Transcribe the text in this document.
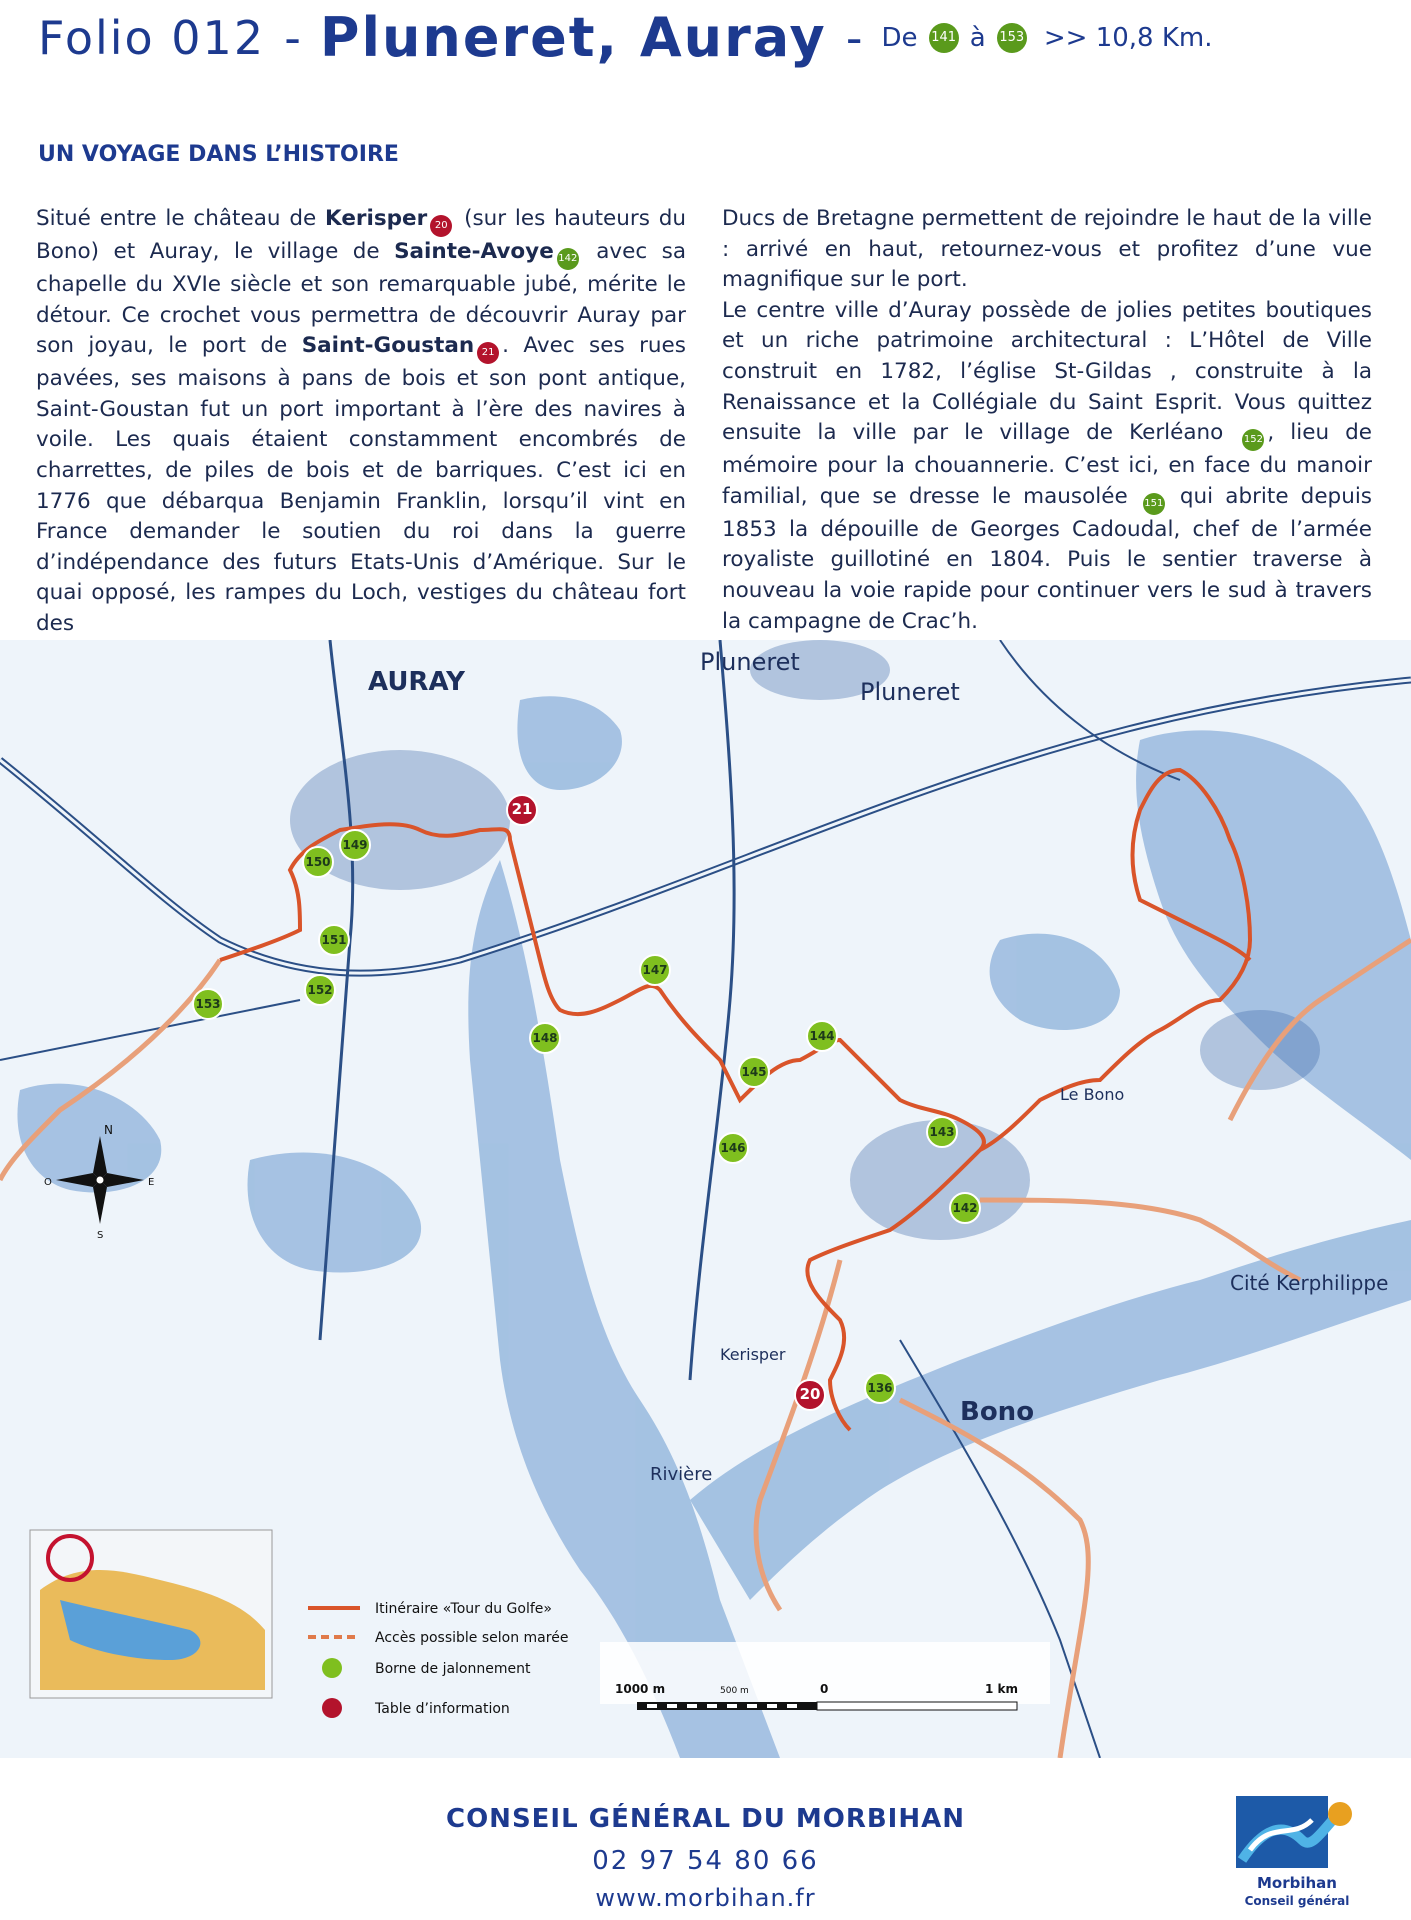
Folio 012 - Pluneret, Auray - De 141 à 153 >> 10,8 Km.
UN VOYAGE DANS L’HISTOIRE
Situé entre le château de Kerisper 20 (sur les hauteurs du Bono) et Auray, le village de Sainte-Avoye 142 avec sa chapelle du XVIe siècle et son remarquable jubé, mérite le détour. Ce crochet vous permettra de découvrir Auray par son joyau, le port de Saint-Goustan 21 . Avec ses rues pavées, ses maisons à pans de bois et son pont antique, Saint-Goustan fut un port important à l’ère des navires à voile. Les quais étaient constamment encombrés de charrettes, de piles de bois et de barriques. C’est ici en 1776 que débarqua Benjamin Franklin, lorsqu’il vint en France demander le soutien du roi dans la guerre d’indépendance des futurs Etats-Unis d’Amérique. Sur le quai opposé, les rampes du Loch, vestiges du château fort des
Ducs de Bretagne permettent de rejoindre le haut de la ville : arrivé en haut, retournez-vous et profitez d’une vue magnifique sur le port.
Le centre ville d’Auray possède de jolies petites boutiques et un riche patrimoine architectural : L’Hôtel de Ville construit en 1782, l’église St-Gildas , construite à la Renaissance et la Collégiale du Saint Esprit. Vous quittez ensuite la ville par le village de Kerléano 152 , lieu de mémoire pour la chouannerie. C’est ici, en face du manoir familial, que se dresse le mausolée 151 qui abrite depuis 1853 la dépouille de Georges Cadoudal, chef de l’armée royaliste guillotiné en 1804. Puis le sentier traverse à nouveau la voie rapide pour continuer vers le sud à travers la campagne de Crac’h.
AURAY
Pluneret
Pluneret
Bono
Cité Kerphilippe
Kerisper
Rivière
Le Bono
149
150
151
152
153
147
148	144
145
146
143
142
136
21
20
N
O	E
S
Itinéraire «Tour du Golfe»
Accès possible selon marée
Borne de jalonnement
Table d’information
1000 m	500 m	0	1 km
CONSEIL GÉNÉRAL DU MORBIHAN
02 97 54 80 66
www.morbihan.fr
Morbihan
Conseil général
